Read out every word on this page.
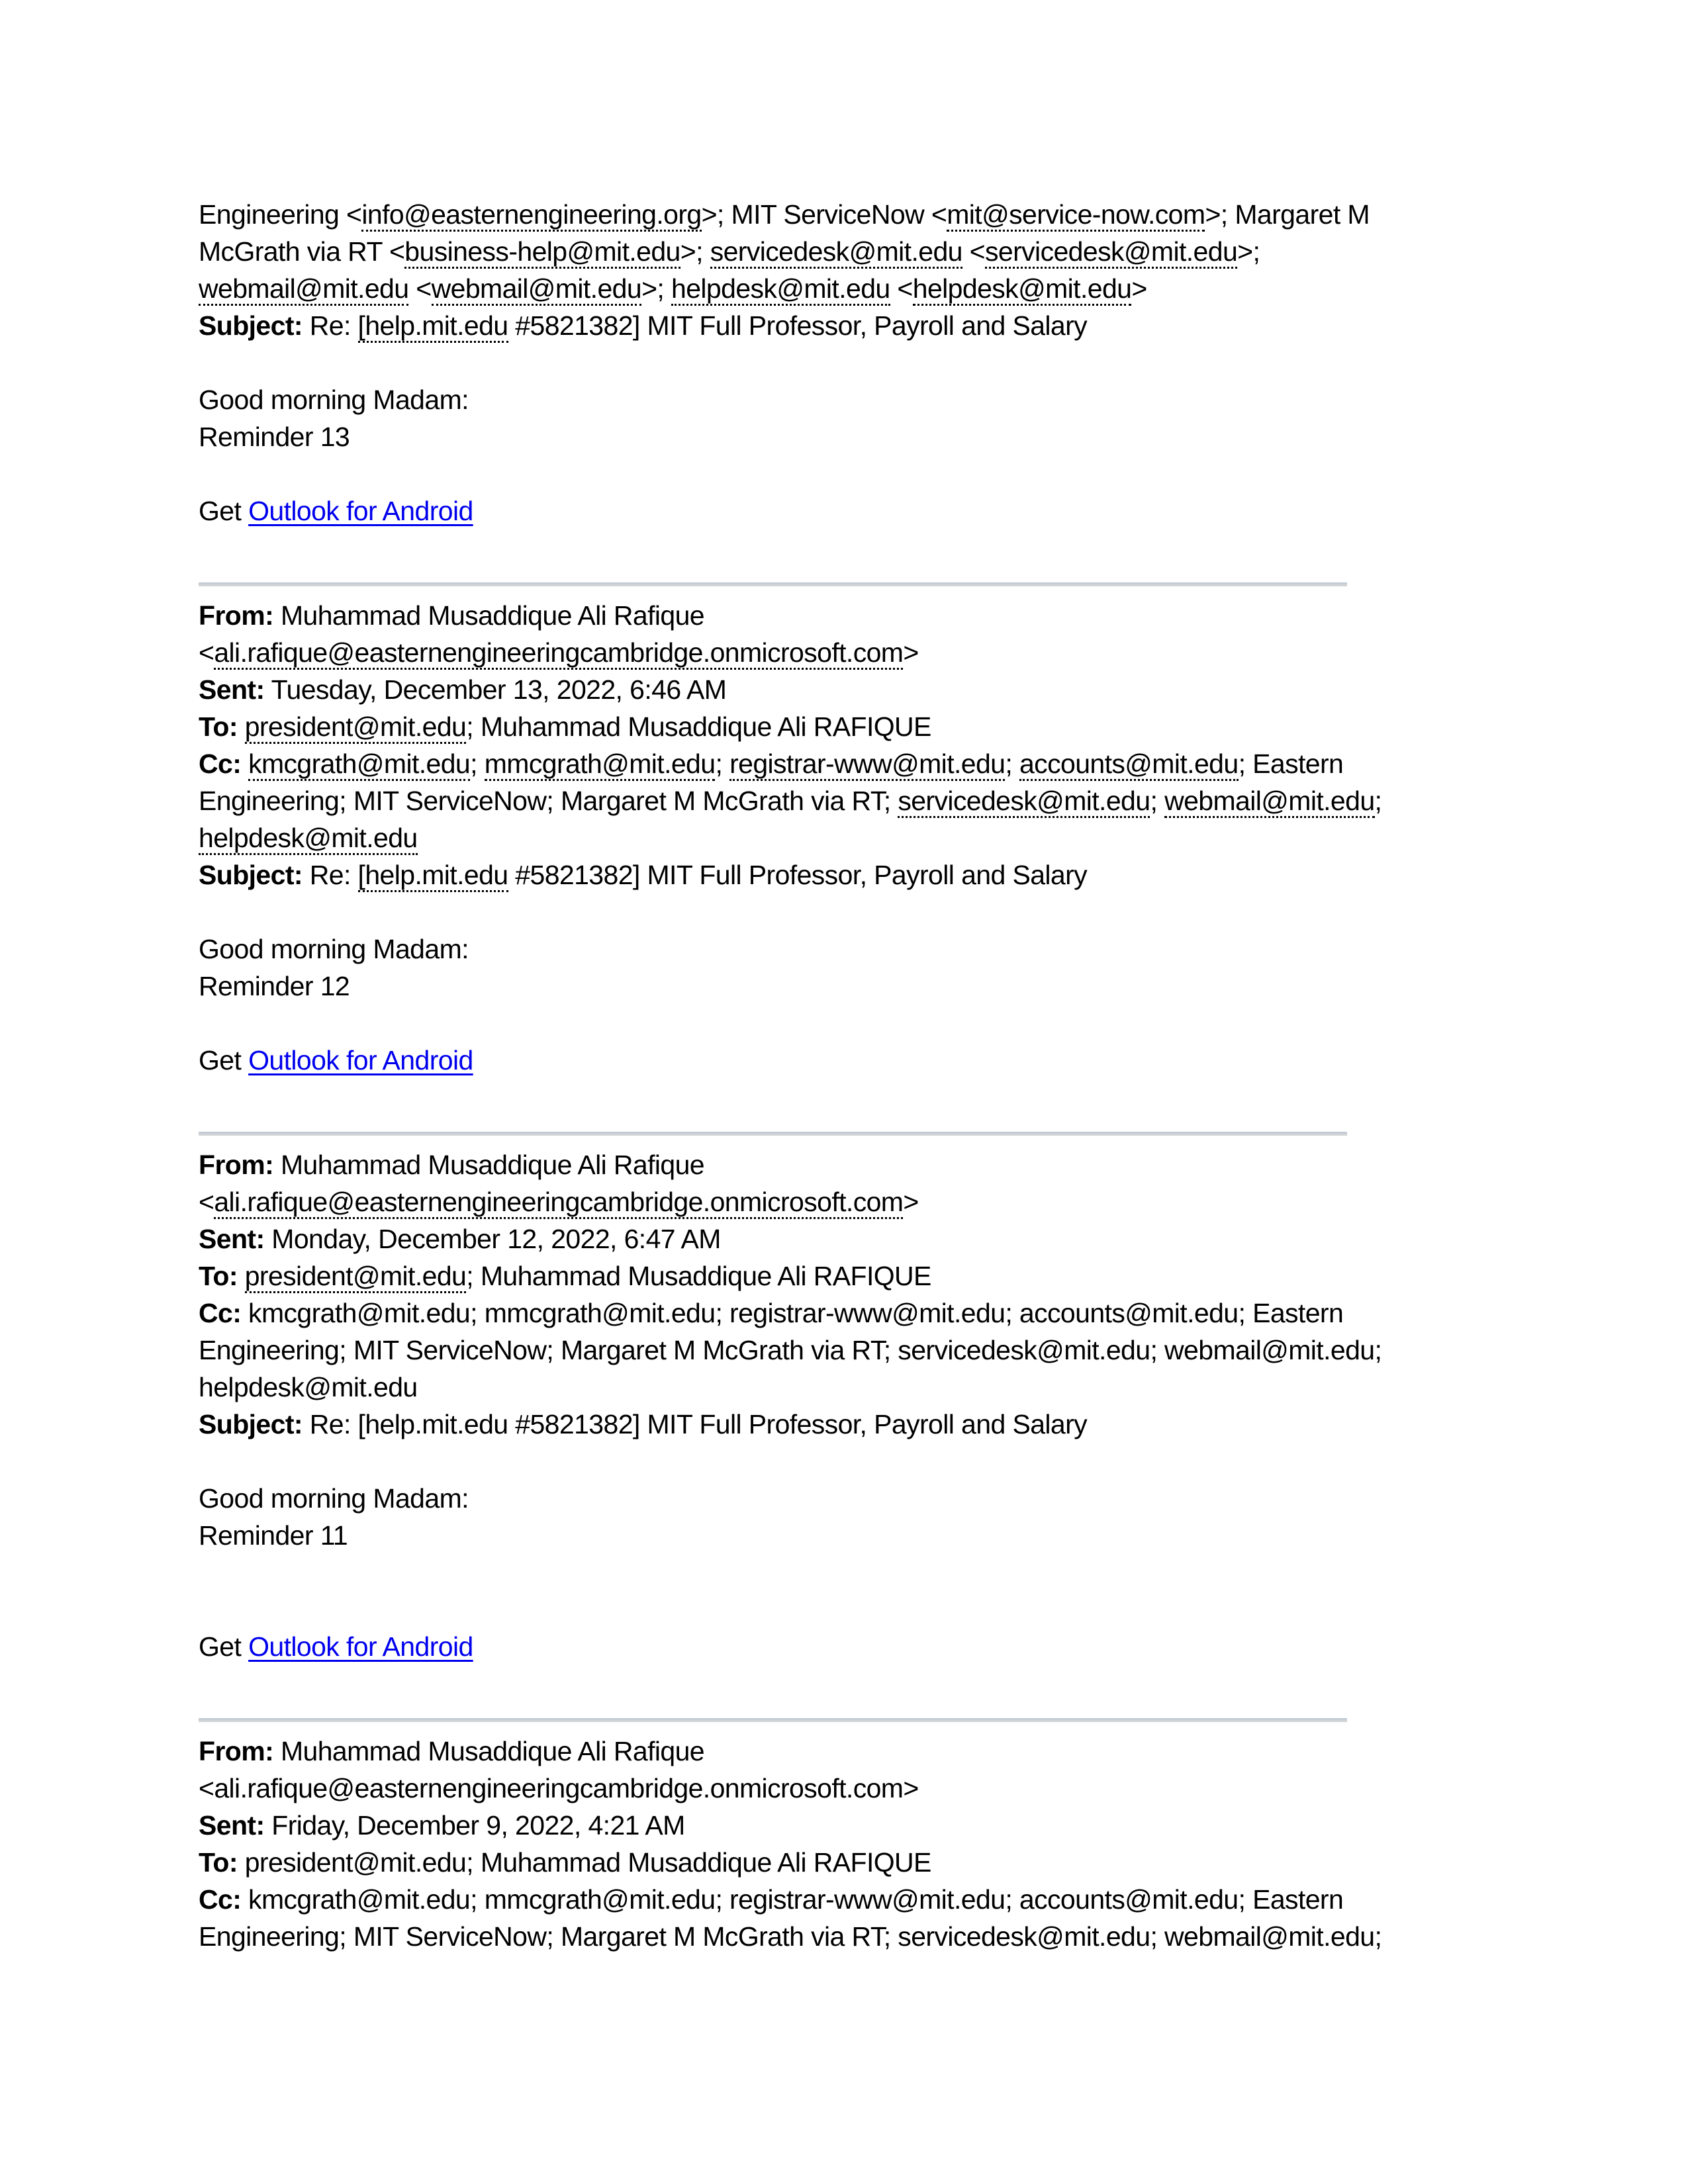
Engineering <info@easternengineering.org>; MIT ServiceNow <mit@service-now.com>; Margaret M
McGrath via RT <business-help@mit.edu>; servicedesk@mit.edu <servicedesk@mit.edu>;
webmail@mit.edu <webmail@mit.edu>; helpdesk@mit.edu <helpdesk@mit.edu>
Subject: Re: [help.mit.edu #5821382] MIT Full Professor, Payroll and Salary
Good morning Madam:
Reminder 13
Get Outlook for Android
From: Muhammad Musaddique Ali Rafique
<ali.rafique@easternengineeringcambridge.onmicrosoft.com>
Sent: Tuesday, December 13, 2022, 6:46 AM
To: president@mit.edu; Muhammad Musaddique Ali RAFIQUE
Cc: kmcgrath@mit.edu; mmcgrath@mit.edu; registrar-www@mit.edu; accounts@mit.edu; Eastern
Engineering; MIT ServiceNow; Margaret M McGrath via RT; servicedesk@mit.edu; webmail@mit.edu;
helpdesk@mit.edu
Subject: Re: [help.mit.edu #5821382] MIT Full Professor, Payroll and Salary
Good morning Madam:
Reminder 12
Get Outlook for Android
From: Muhammad Musaddique Ali Rafique
<ali.rafique@easternengineeringcambridge.onmicrosoft.com>
Sent: Monday, December 12, 2022, 6:47 AM
To: president@mit.edu; Muhammad Musaddique Ali RAFIQUE
Cc: kmcgrath@mit.edu; mmcgrath@mit.edu; registrar-www@mit.edu; accounts@mit.edu; Eastern
Engineering; MIT ServiceNow; Margaret M McGrath via RT; servicedesk@mit.edu; webmail@mit.edu;
helpdesk@mit.edu
Subject: Re: [help.mit.edu #5821382] MIT Full Professor, Payroll and Salary
Good morning Madam:
Reminder 11
Get Outlook for Android
From: Muhammad Musaddique Ali Rafique
<ali.rafique@easternengineeringcambridge.onmicrosoft.com>
Sent: Friday, December 9, 2022, 4:21 AM
To: president@mit.edu; Muhammad Musaddique Ali RAFIQUE
Cc: kmcgrath@mit.edu; mmcgrath@mit.edu; registrar-www@mit.edu; accounts@mit.edu; Eastern
Engineering; MIT ServiceNow; Margaret M McGrath via RT; servicedesk@mit.edu; webmail@mit.edu;
